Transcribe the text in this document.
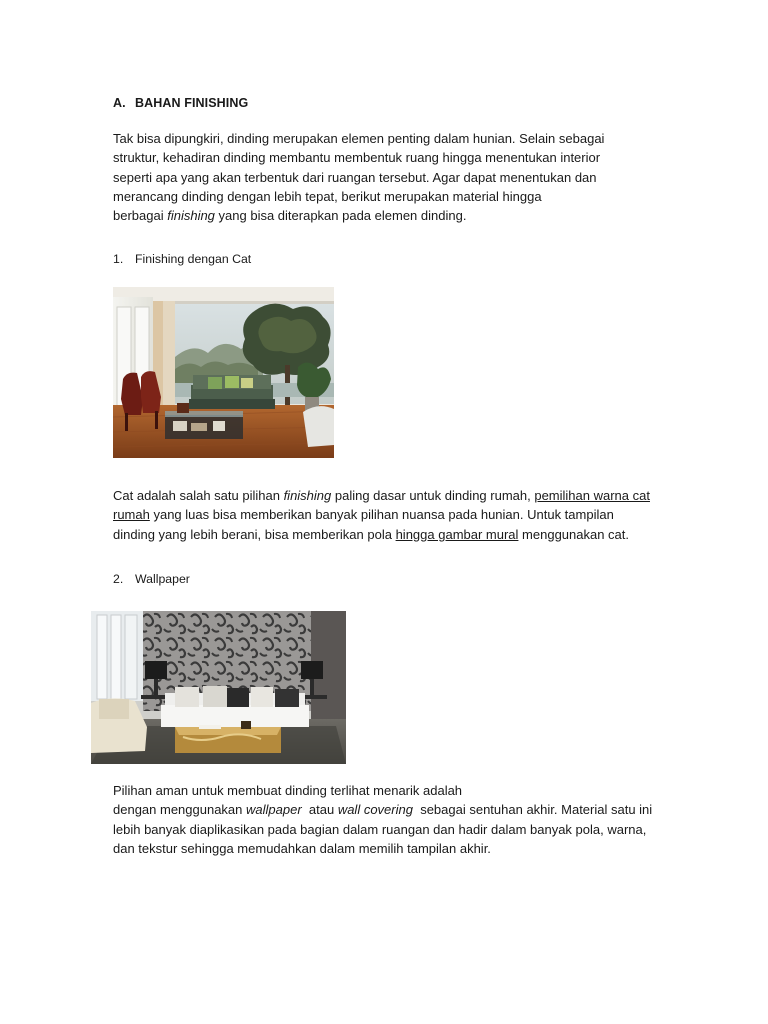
A. BAHAN FINISHING
Tak bisa dipungkiri, dinding merupakan elemen penting dalam hunian. Selain sebagai
struktur, kehadiran dinding membantu membentuk ruang hingga menentukan interior
seperti apa yang akan terbentuk dari ruangan tersebut. Agar dapat menentukan dan
merancang dinding dengan lebih tepat, berikut merupakan material hingga
berbagai finishing yang bisa diterapkan pada elemen dinding.
1. Finishing dengan Cat
Cat adalah salah satu pilihan finishing paling dasar untuk dinding rumah, pemilihan warna cat
rumah yang luas bisa memberikan banyak pilihan nuansa pada hunian. Untuk tampilan
dinding yang lebih berani, bisa memberikan pola hingga gambar mural menggunakan cat.
2. Wallpaper
Pilihan aman untuk membuat dinding terlihat menarik adalah
dengan menggunakan wallpaper  atau wall covering  sebagai sentuhan akhir. Material satu ini
lebih banyak diaplikasikan pada bagian dalam ruangan dan hadir dalam banyak pola, warna,
dan tekstur sehingga memudahkan dalam memilih tampilan akhir.
